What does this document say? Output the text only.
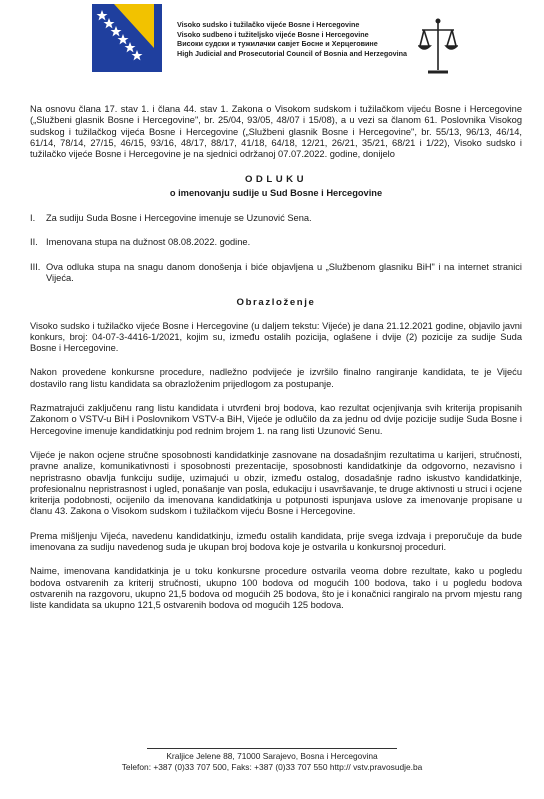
Visoko sudsko i tužilačko vijeće Bosne i Hercegovine
Visoko sudbeno i tužiteljsko vijeće Bosne i Hercegovine
Високи судски и тужилачки савјет Босне и Херцеговине
High Judicial and Prosecutorial Council of Bosnia and Herzegovina

Na osnovu člana 17. stav 1. i člana 44. stav 1. Zakona o Visokom sudskom i tužilačkom vijeću Bosne i Hercegovine („Službeni glasnik Bosne i Hercegovine", br. 25/04, 93/05, 48/07 i 15/08), a u vezi sa članom 61. Poslovnika Visokog sudskog i tužilačkog vijeća Bosne i Hercegovine („Službeni glasnik Bosne i Hercegovine", br. 55/13, 96/13, 46/14, 61/14, 78/14, 27/15, 46/15, 93/16, 48/17, 88/17, 41/18, 64/18, 12/21, 26/21, 35/21, 68/21 i 1/22), Visoko sudsko i tužilačko vijeće Bosne i Hercegovine je na sjednici održanoj 07.07.2022. godine, donijelo

ODLUKU
o imenovanju sudije u Sud Bosne i Hercegovine
I. Za sudiju Suda Bosne i Hercegovine imenuje se Uzunović Sena.
II. Imenovana stupa na dužnost 08.08.2022. godine.
III. Ova odluka stupa na snagu danom donošenja i biće objavljena u „Službenom glasniku BiH" i na internet stranici Vijeća.
Obrazloženje

Visoko sudsko i tužilačko vijeće Bosne i Hercegovine (u daljem tekstu: Vijeće) je dana 21.12.2021 godine, objavilo javni konkurs, broj: 04-07-3-4416-1/2021, kojim su, između ostalih pozicija, oglašene i dvije (2) pozicije za sudije Suda Bosne i Hercegovine.

Nakon provedene konkursne procedure, nadležno podvijeće je izvršilo finalno rangiranje kandidata, te je Vijeću dostavilo rang listu kandidata sa obrazloženim prijedlogom za postupanje.

Razmatrajući zaključenu rang listu kandidata i utvrđeni broj bodova, kao rezultat ocjenjivanja svih kriterija propisanih Zakonom o VSTV-u BiH i Poslovnikom VSTV-a BiH, Vijeće je odlučilo da za jednu od dvije pozicije sudije Suda Bosne i Hercegovine imenuje kandidatkinju pod rednim brojem 1. na rang listi Uzunović Senu.

Vijeće je nakon ocjene stručne sposobnosti kandidatkinje zasnovane na dosadašnjim rezultatima u karijeri, stručnosti, pravne analize, komunikativnosti i sposobnosti prezentacije, sposobnosti kandidatkinje da odgovorno, nezavisno i nepristrasno obavlja funkciju sudije, uzimajući u obzir, između ostalog, dosadašnje radno iskustvo kandidatkinje, profesionalnu nepristrasnost i ugled, ponašanje van posla, edukaciju i usavršavanje, te druge aktivnosti u struci i ocjene kriterija podobnosti, ocijenilo da imenovana kandidatkinja u potpunosti ispunjava uslove za imenovanje propisane u članu 43. Zakona o Visokom sudskom i tužilačkom vijeću Bosne i Hercegovine.

Prema mišljenju Vijeća, navedenu kandidatkinju, između ostalih kandidata, prije svega izdvaja i preporučuje da bude imenovana za sudiju navedenog suda je ukupan broj bodova koje je ostvarila u konkursnoj proceduri.

Naime, imenovana kandidatkinja je u toku konkursne procedure ostvarila veoma dobre rezultate, kako u pogledu bodova ostvarenih za kriterij stručnosti, ukupno 100 bodova od mogućih 100 bodova, tako i u pogledu bodova ostvarenih na razgovoru, ukupno 21,5 bodova od mogućih 25 bodova, što je i konačnici rangiralo na prvom mjestu rang liste kandidata sa ukupno 121,5 ostvarenih bodova od mogućih 125 bodova.

Kraljice Jelene 88, 71000 Sarajevo, Bosna i Hercegovina
Telefon: +387 (0)33 707 500, Faks: +387 (0)33 707 550 http:// vstv.pravosudje.ba
